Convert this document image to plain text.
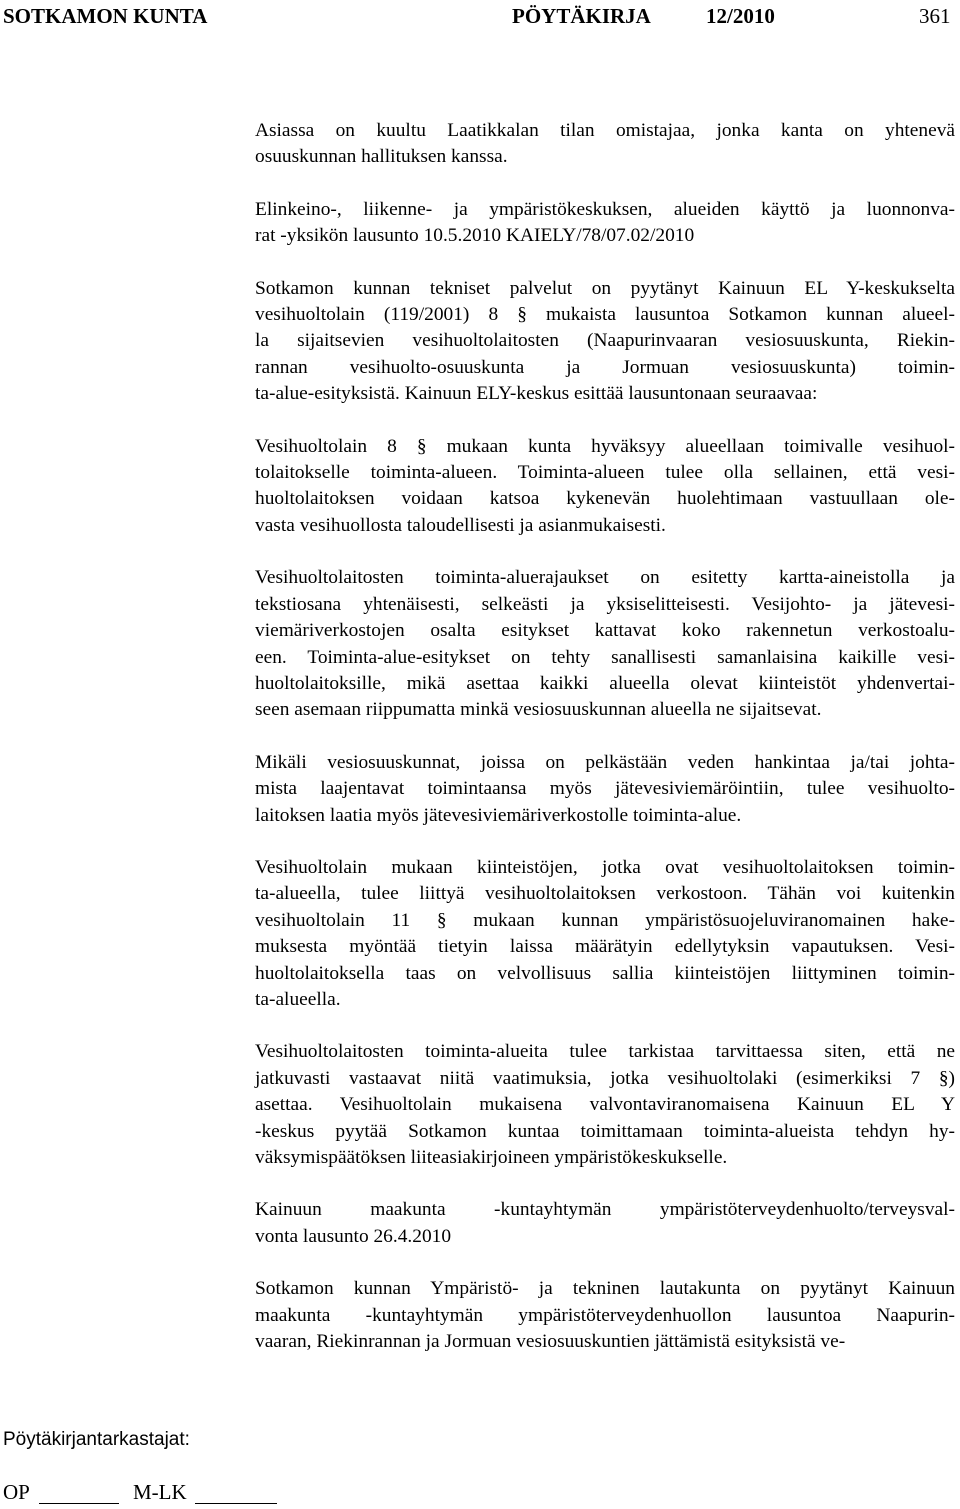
SOTKAMON KUNTA	PÖYTÄKIRJA	12/2010	361

Asiassa on kuultu Laatikkalan tilan omistajaa, jonka kanta on yhtenevä
osuuskunnan hallituksen kanssa.

Elinkeino-, liikenne- ja ympäristökeskuksen, alueiden käyttö ja luonnonva-
rat -yksikön lausunto 10.5.2010 KAIELY/78/07.02/2010

Sotkamon kunnan tekniset palvelut on pyytänyt Kainuun EL Y-keskukselta
vesihuoltolain (119/2001) 8 § mukaista lausuntoa Sotkamon kunnan alueel-
la sijaitsevien vesihuoltolaitosten (Naapurinvaaran vesiosuuskunta, Riekin-
rannan vesihuolto-osuuskunta ja Jormuan vesiosuuskunta) toimin-
ta-alue-esityksistä. Kainuun ELY-keskus esittää lausuntonaan seuraavaa:

Vesihuoltolain 8 § mukaan kunta hyväksyy alueellaan toimivalle vesihuol-
tolaitokselle toiminta-alueen. Toiminta-alueen tulee olla sellainen, että vesi-
huoltolaitoksen voidaan katsoa kykenevän huolehtimaan vastuullaan ole-
vasta vesihuollosta taloudellisesti ja asianmukaisesti.

Vesihuoltolaitosten toiminta-aluerajaukset on esitetty kartta-aineistolla ja
tekstiosana yhtenäisesti, selkeästi ja yksiselitteisesti. Vesijohto- ja jätevesi-
viemäriverkostojen osalta esitykset kattavat koko rakennetun verkostoalu-
een. Toiminta-alue-esitykset on tehty sanallisesti samanlaisina kaikille vesi-
huoltolaitoksille, mikä asettaa kaikki alueella olevat kiinteistöt yhdenvertai-
seen asemaan riippumatta minkä vesiosuuskunnan alueella ne sijaitsevat.

Mikäli vesiosuuskunnat, joissa on pelkästään veden hankintaa ja/tai johta-
mista laajentavat toimintaansa myös jätevesiviemäröintiin, tulee vesihuolto-
laitoksen laatia myös jätevesiviemäriverkostolle toiminta-alue.

Vesihuoltolain mukaan kiinteistöjen, jotka ovat vesihuoltolaitoksen toimin-
ta-alueella, tulee liittyä vesihuoltolaitoksen verkostoon. Tähän voi kuitenkin
vesihuoltolain 11 § mukaan kunnan ympäristösuojeluviranomainen hake-
muksesta myöntää tietyin laissa määrätyin edellytyksin vapautuksen. Vesi-
huoltolaitoksella taas on velvollisuus sallia kiinteistöjen liittyminen toimin-
ta-alueella.

Vesihuoltolaitosten toiminta-alueita tulee tarkistaa tarvittaessa siten, että ne
jatkuvasti vastaavat niitä vaatimuksia, jotka vesihuoltolaki (esimerkiksi 7 §)
asettaa. Vesihuoltolain mukaisena valvontaviranomaisena Kainuun EL Y
-keskus pyytää Sotkamon kuntaa toimittamaan toiminta-alueista tehdyn hy-
väksymispäätöksen liiteasiakirjoineen ympäristökeskukselle.

Kainuun maakunta -kuntayhtymän ympäristöterveydenhuolto/terveysval-
vonta lausunto 26.4.2010

Sotkamon kunnan Ympäristö- ja tekninen lautakunta on pyytänyt Kainuun
maakunta -kuntayhtymän ympäristöterveydenhuollon lausuntoa Naapurin-
vaaran, Riekinrannan ja Jormuan vesiosuuskuntien jättämistä esityksistä ve-

Pöytäkirjantarkastajat:
OP	M-LK
